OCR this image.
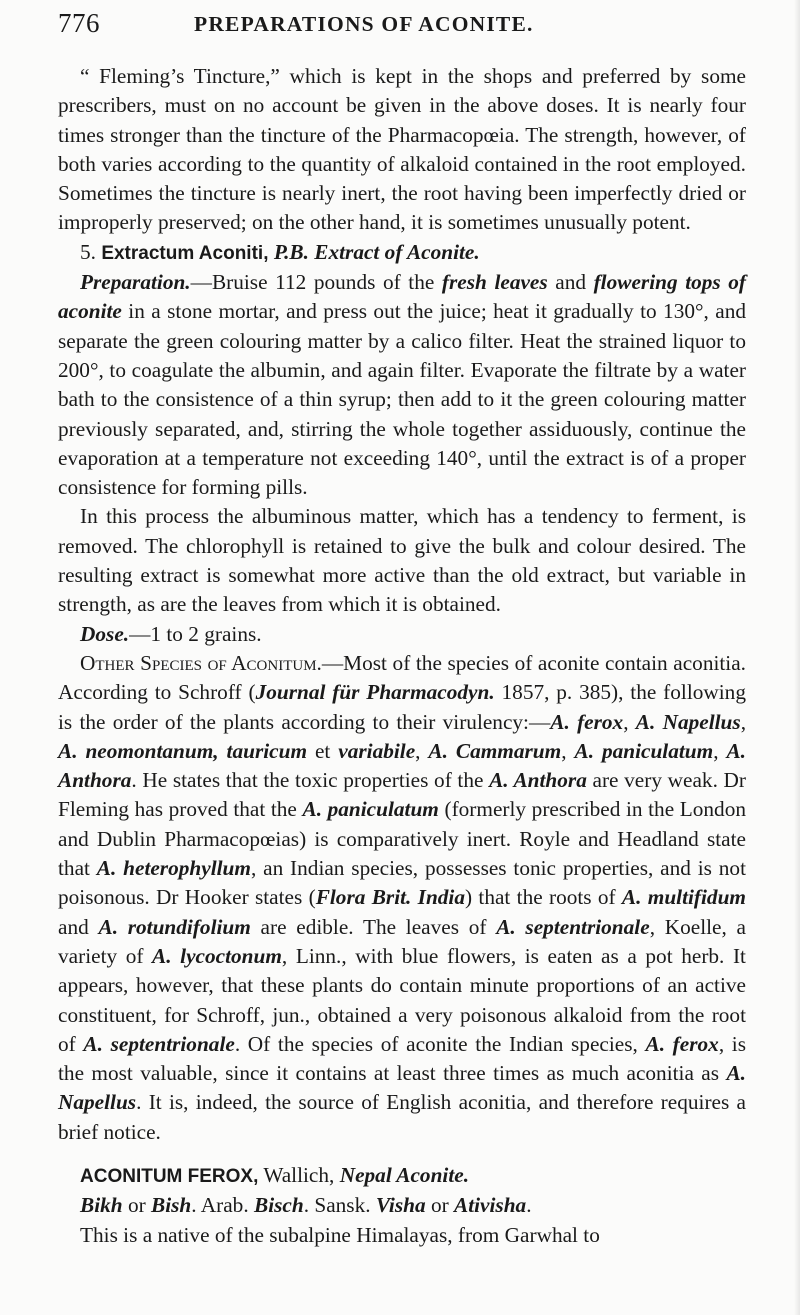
776	PREPARATIONS OF ACONITE.

“ Fleming’s Tincture,” which is kept in the shops and preferred by some prescribers, must on no account be given in the above doses. It is nearly four times stronger than the tincture of the Pharmacopœia. The strength, however, of both varies according to the quantity of alkaloid contained in the root employed. Sometimes the tincture is nearly inert, the root having been imperfectly dried or improperly preserved; on the other hand, it is sometimes unusually potent.

5. Extractum Aconiti, P.B. Extract of Aconite.

Preparation.—Bruise 112 pounds of the fresh leaves and flowering tops of aconite in a stone mortar, and press out the juice; heat it gradually to 130°, and separate the green colouring matter by a calico filter. Heat the strained liquor to 200°, to coagulate the albumin, and again filter. Evaporate the filtrate by a water bath to the consistence of a thin syrup; then add to it the green colouring matter previously separated, and, stirring the whole together assiduously, continue the evaporation at a temperature not exceeding 140°, until the extract is of a proper consistence for forming pills.

In this process the albuminous matter, which has a tendency to ferment, is removed. The chlorophyll is retained to give the bulk and colour desired. The resulting extract is somewhat more active than the old extract, but variable in strength, as are the leaves from which it is obtained.

Dose.—1 to 2 grains.

Other Species of Aconitum.—Most of the species of aconite contain aconitia. According to Schroff (Journal für Pharmacodyn. 1857, p. 385), the following is the order of the plants according to their virulency:—A. ferox, A. Napellus, A. neomontanum, tauricum et variabile, A. Cammarum, A. paniculatum, A. Anthora. He states that the toxic properties of the A. Anthora are very weak. Dr Fleming has proved that the A. paniculatum (formerly prescribed in the London and Dublin Pharmacopœias) is comparatively inert. Royle and Headland state that A. heterophyllum, an Indian species, possesses tonic properties, and is not poisonous. Dr Hooker states (Flora Brit. India) that the roots of A. multifidum and A. rotundifolium are edible. The leaves of A. septentrionale, Koelle, a variety of A. lycoctonum, Linn., with blue flowers, is eaten as a pot herb. It appears, however, that these plants do contain minute proportions of an active constituent, for Schroff, jun., obtained a very poisonous alkaloid from the root of A. septentrionale. Of the species of aconite the Indian species, A. ferox, is the most valuable, since it contains at least three times as much aconitia as A. Napellus. It is, indeed, the source of English aconitia, and therefore requires a brief notice.

ACONITUM FEROX, Wallich, Nepal Aconite.

Bikh or Bish. Arab. Bisch. Sansk. Visha or Ativisha.

This is a native of the subalpine Himalayas, from Garwhal to
